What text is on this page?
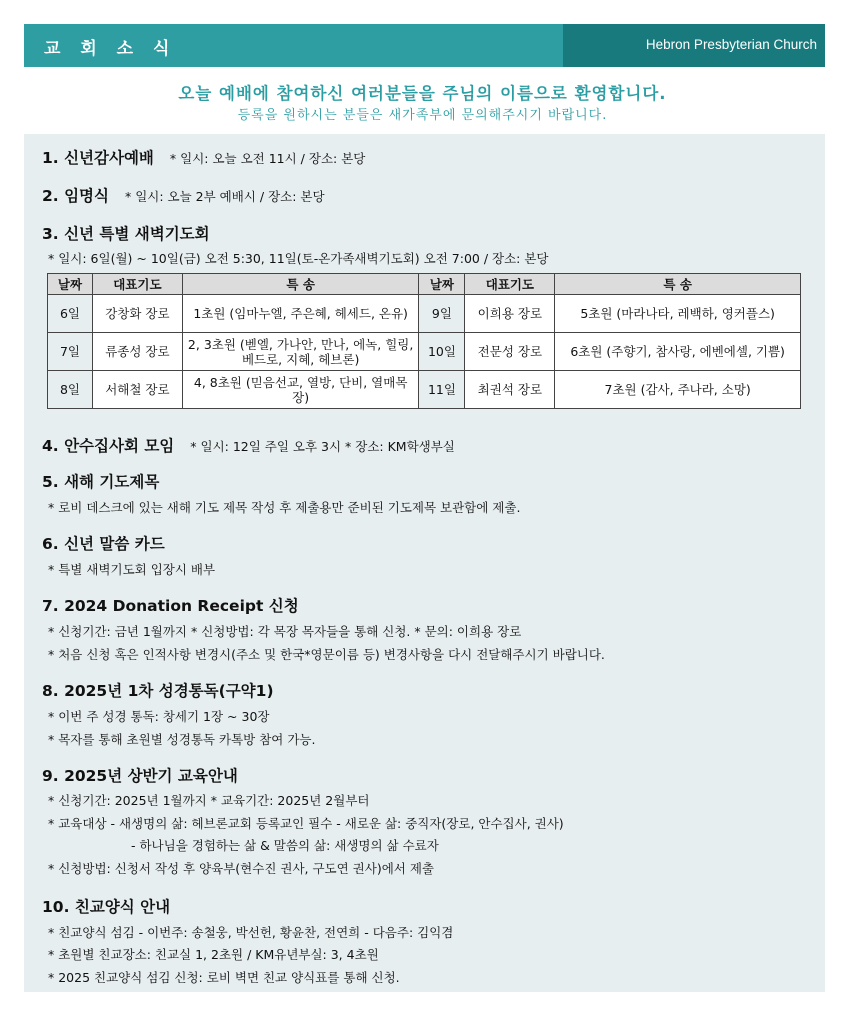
교 회 소 식	Hebron Presbyterian Church
오늘 예배에 참여하신 여러분들을 주님의 이름으로 환영합니다.
등록을 원하시는 분들은 새가족부에 문의해주시기 바랍니다.
1. 신년감사예배 * 일시: 오늘 오전 11시 / 장소: 본당
2. 임명식 * 일시: 오늘 2부 예배시 / 장소: 본당
3. 신년 특별 새벽기도회
* 일시: 6일(월) ~ 10일(금) 오전 5:30, 11일(토-온가족새벽기도회) 오전 7:00 / 장소: 본당
날짜	대표기도	특 송	날짜	대표기도	특 송
6일	강창화 장로	1초원 (임마누엘, 주은혜, 헤세드, 온유)	9일	이희용 장로	5초원 (마라나타, 레백하, 영커플스)
7일	류종성 장로	2, 3초원 (벧엘, 가나안, 만나, 에녹, 힐링, 베드로, 지혜, 헤브론)	10일	전문성 장로	6초원 (주향기, 참사랑, 에벤에셀, 기쁨)
8일	서해철 장로	4, 8초원 (믿음선교, 열방, 단비, 열매목장)	11일	최권석 장로	7초원 (감사, 주나라, 소망)
4. 안수집사회 모임 * 일시: 12일 주일 오후 3시 * 장소: KM학생부실
5. 새해 기도제목
* 로비 데스크에 있는 새해 기도 제목 작성 후 제출용만 준비된 기도제목 보관함에 제출.
6. 신년 말씀 카드
* 특별 새벽기도회 입장시 배부
7. 2024 Donation Receipt 신청
* 신청기간: 금년 1월까지 * 신청방법: 각 목장 목자들을 통해 신청. * 문의: 이희용 장로
* 처음 신청 혹은 인적사항 변경시(주소 및 한국*영문이름 등) 변경사항을 다시 전달해주시기 바랍니다.
8. 2025년 1차 성경통독(구약1)
* 이번 주 성경 통독: 창세기 1장 ~ 30장
* 목자를 통해 초원별 성경통독 카톡방 참여 가능.
9. 2025년 상반기 교육안내
* 신청기간: 2025년 1월까지 * 교육기간: 2025년 2월부터
* 교육대상 - 새생명의 삶: 헤브론교회 등록교인 필수 - 새로운 삶: 중직자(장로, 안수집사, 권사)
- 하나님을 경험하는 삶 & 말씀의 삶: 새생명의 삶 수료자
* 신청방법: 신청서 작성 후 양육부(현수진 권사, 구도연 권사)에서 제출
10. 친교양식 안내
* 친교양식 섬김 - 이번주: 송철웅, 박선헌, 황윤찬, 전연희 - 다음주: 김익겸
* 초원별 친교장소: 친교실 1, 2초원 / KM유년부실: 3, 4초원
* 2025 친교양식 섬김 신청: 로비 벽면 친교 양식표를 통해 신청.
